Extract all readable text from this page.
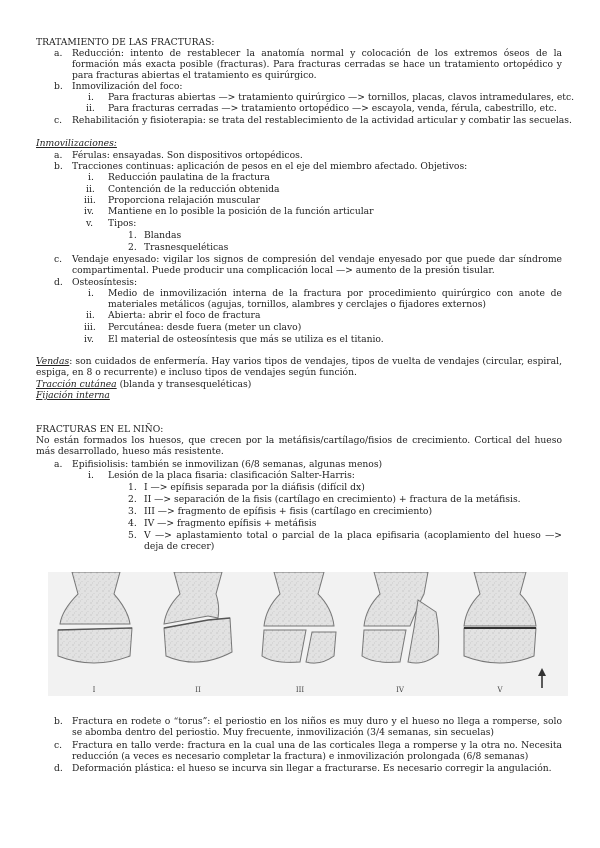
TRATAMIENTO DE LAS FRACTURAS:
a. Reducción: intento de restablecer la anatomía normal y colocación de los extremos óseos de la formación más exacta posible (fracturas). Para fracturas cerradas se hace un tratamiento ortopédico y para fracturas abiertas el tratamiento es quirúrgico.
b. Inmovilización del foco:
i. Para fracturas abiertas —> tratamiento quirúrgico —> tornillos, placas, clavos intramedulares, etc.
ii. Para fracturas cerradas —> tratamiento ortopédico —> escayola, venda, férula, cabestrillo, etc.
c. Rehabilitación y fisioterapia: se trata del restablecimiento de la actividad articular y combatir las secuelas.
Inmovilizaciones:
a. Férulas: ensayadas. Son dispositivos ortopédicos.
b. Tracciones continuas: aplicación de pesos en el eje del miembro afectado. Objetivos:
i. Reducción paulatina de la fractura
ii. Contención de la reducción obtenida
iii. Proporciona relajación muscular
iv. Mantiene en lo posible la posición de la función articular
v. Tipos:
1. Blandas
2. Trasnesqueléticas
c. Vendaje enyesado: vigilar los signos de compresión del vendaje enyesado por que puede dar síndrome compartimental. Puede producir una complicación local —> aumento de la presión tisular.
d. Osteosíntesis:
i. Medio de inmovilización interna de la fractura por procedimiento quirúrgico con anote de materiales metálicos (agujas, tornillos, alambres y cerclajes o fijadores externos)
ii. Abierta: abrir el foco de fractura
iii. Percutánea: desde fuera (meter un clavo)
iv. El material de osteosíntesis que más se utiliza es el titanio.
Vendas: son cuidados de enfermería. Hay varios tipos de vendajes, tipos de vuelta de vendajes (circular, espiral, espiga, en 8 o recurrente) e incluso tipos de vendajes según función.
Tracción cutánea (blanda y transesqueléticas)
Fijación interna
FRACTURAS EN EL NIÑO:
No están formados los huesos, que crecen por la metáfisis/cartílago/fisios de crecimiento. Cortical del hueso más desarrollado, hueso más resistente.
a. Epifisiolisis: también se inmovilizan (6/8 semanas, algunas menos)
i. Lesión de la placa fisaria: clasificación Salter-Harris:
1. I —> epífisis separada por la diáfisis (difícil dx)
2. II —> separación de la fisis (cartílago en crecimiento) + fractura de la metáfisis.
3. III —> fragmento de epífisis + fisis (cartílago en crecimiento)
4. IV —> fragmento epífisis + metáfisis
5. V —> aplastamiento total o parcial de la placa epifisaria (acoplamiento del hueso —> deja de crecer)
I	II	III	IV	V
b. Fractura en rodete o “torus”: el periostio en los niños es muy duro y el hueso no llega a romperse, solo se abomba dentro del periostio. Muy frecuente, inmovilización (3/4 semanas, sin secuelas)
c. Fractura en tallo verde: fractura en la cual una de las corticales llega a romperse y la otra no. Necesita reducción (a veces es necesario completar la fractura) e inmovilización prolongada (6/8 semanas)
d. Deformación plástica: el hueso se incurva sin llegar a fracturarse. Es necesario corregir la angulación.
